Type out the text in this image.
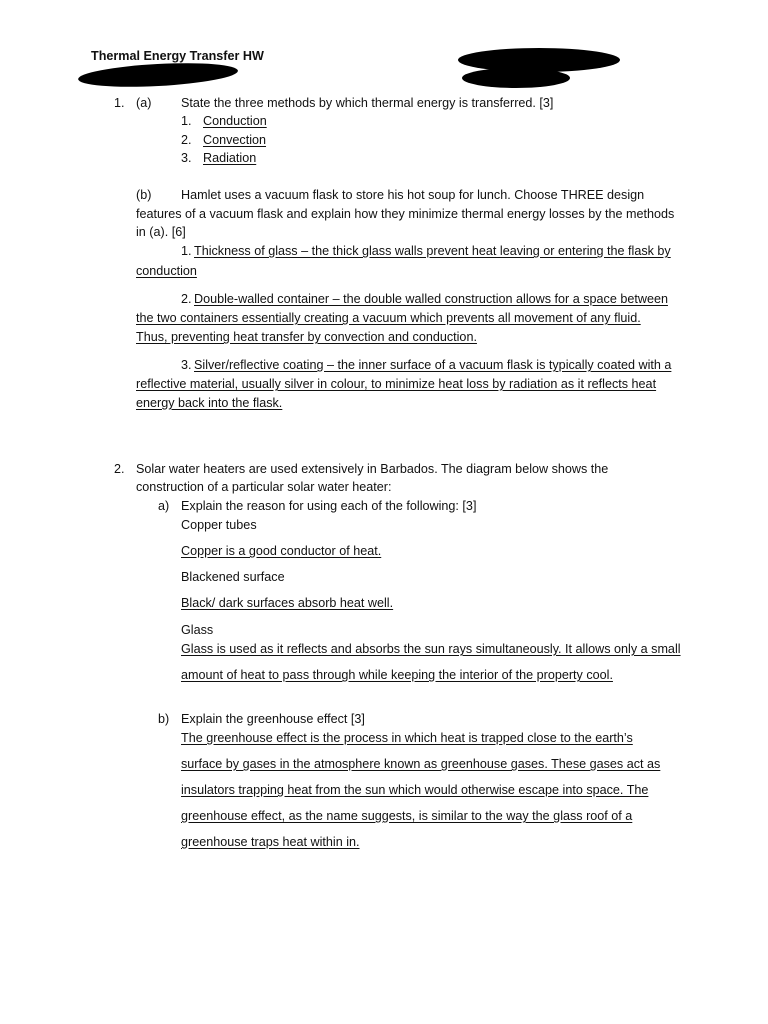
Thermal Energy Transfer HW
1. (a) State the three methods by which thermal energy is transferred. [3]
1. Conduction
2. Convection
3. Radiation
(b) Hamlet uses a vacuum flask to store his hot soup for lunch. Choose THREE design
features of a vacuum flask and explain how they minimize thermal energy losses by the methods
in (a). [6]
1. Thickness of glass – the thick glass walls prevent heat leaving or entering the flask by
conduction
2. Double-walled container – the double walled construction allows for a space between
the two containers essentially creating a vacuum which prevents all movement of any fluid.
Thus, preventing heat transfer by convection and conduction.
3. Silver/reflective coating – the inner surface of a vacuum flask is typically coated with a
reflective material, usually silver in colour, to minimize heat loss by radiation as it reflects heat
energy back into the flask.
2. Solar water heaters are used extensively in Barbados. The diagram below shows the
construction of a particular solar water heater:
a) Explain the reason for using each of the following: [3]
Copper tubes
Copper is a good conductor of heat.
Blackened surface
Black/ dark surfaces absorb heat well.
Glass
Glass is used as it reflects and absorbs the sun rays simultaneously. It allows only a small
amount of heat to pass through while keeping the interior of the property cool.
b) Explain the greenhouse effect [3]
The greenhouse effect is the process in which heat is trapped close to the earth’s
surface by gases in the atmosphere known as greenhouse gases. These gases act as
insulators trapping heat from the sun which would otherwise escape into space. The
greenhouse effect, as the name suggests, is similar to the way the glass roof of a
greenhouse traps heat within in.
